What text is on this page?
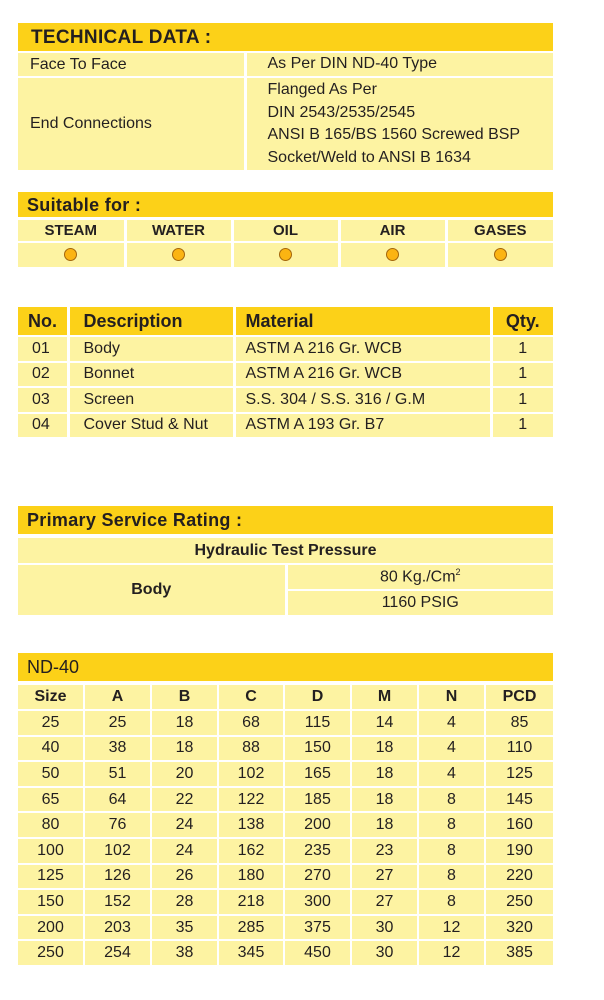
TECHNICAL DATA :
Face To Face	As Per DIN ND-40 Type
End Connections	Flanged As Per
DIN 2543/2535/2545
ANSI B 165/BS 1560 Screwed BSP
Socket/Weld to ANSI B 1634
Suitable for :
STEAM	WATER	OIL	AIR	GASES

No.	Description	Material	Qty.
01	Body	ASTM A 216 Gr. WCB	1
02	Bonnet	ASTM A 216 Gr. WCB	1
03	Screen	S.S. 304 / S.S. 316 / G.M	1
04	Cover Stud & Nut	ASTM A 193 Gr. B7	1
Primary Service Rating :
Hydraulic Test Pressure
Body	80 Kg./Cm$^2$
1160 PSIG
ND-40
Size	A	B	C	D	M	N	PCD
25	25	18	68	115	14	4	85
40	38	18	88	150	18	4	110
50	51	20	102	165	18	4	125
65	64	22	122	185	18	8	145
80	76	24	138	200	18	8	160
100	102	24	162	235	23	8	190
125	126	26	180	270	27	8	220
150	152	28	218	300	27	8	250
200	203	35	285	375	30	12	320
250	254	38	345	450	30	12	385
